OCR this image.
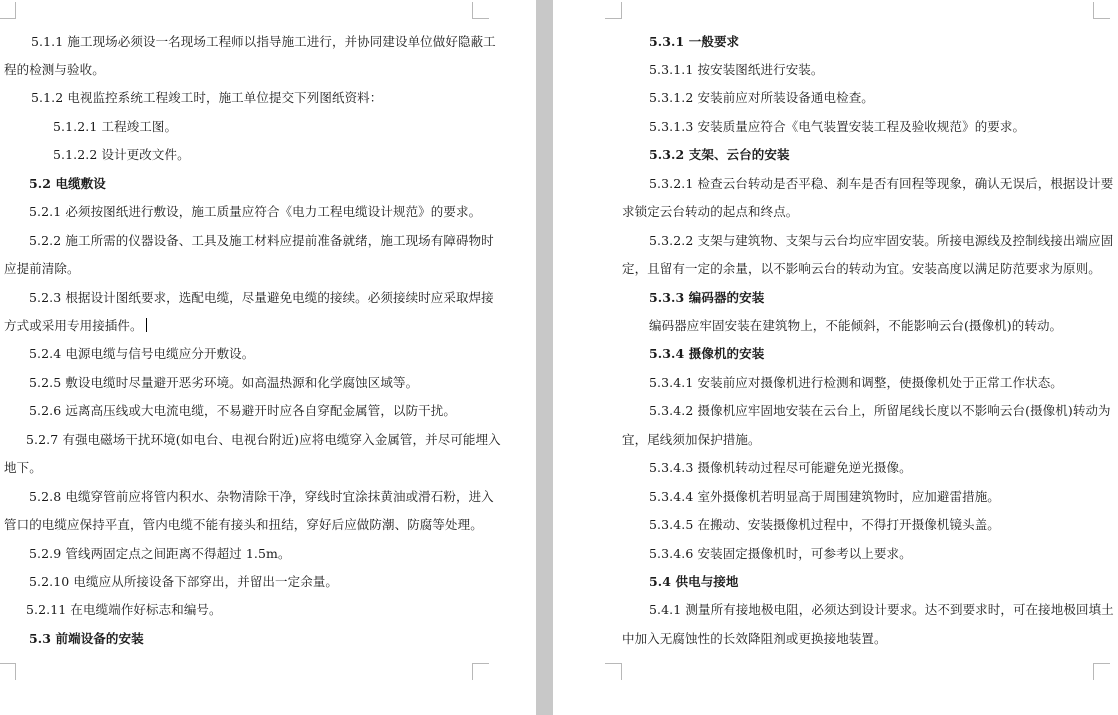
5.1.1 施工现场必须设一名现场工程师以指导施工进行，并协同建设单位做好隐蔽工
程的检测与验收。
5.1.2 电视监控系统工程竣工时，施工单位提交下列图纸资料：
5.1.2.1 工程竣工图。
5.1.2.2 设计更改文件。
5.2 电缆敷设
5.2.1 必须按图纸进行敷设，施工质量应符合《电力工程电缆设计规范》的要求。
5.2.2 施工所需的仪器设备、工具及施工材料应提前准备就绪，施工现场有障碍物时
应提前清除。
5.2.3 根据设计图纸要求，选配电缆，尽量避免电缆的接续。必须接续时应采取焊接
方式或采用专用接插件。
5.2.4 电源电缆与信号电缆应分开敷设。
5.2.5 敷设电缆时尽量避开恶劣环境。如高温热源和化学腐蚀区域等。
5.2.6 远离高压线或大电流电缆，不易避开时应各自穿配金属管，以防干扰。
5.2.7 有强电磁场干扰环境(如电台、电视台附近)应将电缆穿入金属管，并尽可能埋入
地下。
5.2.8 电缆穿管前应将管内积水、杂物清除干净，穿线时宜涂抹黄油或滑石粉，进入
管口的电缆应保持平直，管内电缆不能有接头和扭结，穿好后应做防潮、防腐等处理。
5.2.9 管线两固定点之间距离不得超过 1.5m。
5.2.10 电缆应从所接设备下部穿出，并留出一定余量。
5.2.11 在电缆端作好标志和编号。
5.3 前端设备的安装
5.3.1 一般要求
5.3.1.1 按安装图纸进行安装。
5.3.1.2 安装前应对所装设备通电检查。
5.3.1.3 安装质量应符合《电气装置安装工程及验收规范》的要求。
5.3.2 支架、云台的安装
5.3.2.1 检查云台转动是否平稳、刹车是否有回程等现象，确认无误后，根据设计要
求锁定云台转动的起点和终点。
5.3.2.2 支架与建筑物、支架与云台均应牢固安装。所接电源线及控制线接出端应固
定，且留有一定的余量，以不影响云台的转动为宜。安装高度以满足防范要求为原则。
5.3.3 编码器的安装
编码器应牢固安装在建筑物上，不能倾斜，不能影响云台(摄像机)的转动。
5.3.4 摄像机的安装
5.3.4.1 安装前应对摄像机进行检测和调整，使摄像机处于正常工作状态。
5.3.4.2 摄像机应牢固地安装在云台上，所留尾线长度以不影响云台(摄像机)转动为
宜，尾线须加保护措施。
5.3.4.3 摄像机转动过程尽可能避免逆光摄像。
5.3.4.4 室外摄像机若明显高于周围建筑物时，应加避雷措施。
5.3.4.5 在搬动、安装摄像机过程中，不得打开摄像机镜头盖。
5.3.4.6 安装固定摄像机时，可参考以上要求。
5.4 供电与接地
5.4.1 测量所有接地极电阻，必须达到设计要求。达不到要求时，可在接地极回填土
中加入无腐蚀性的长效降阻剂或更换接地装置。
